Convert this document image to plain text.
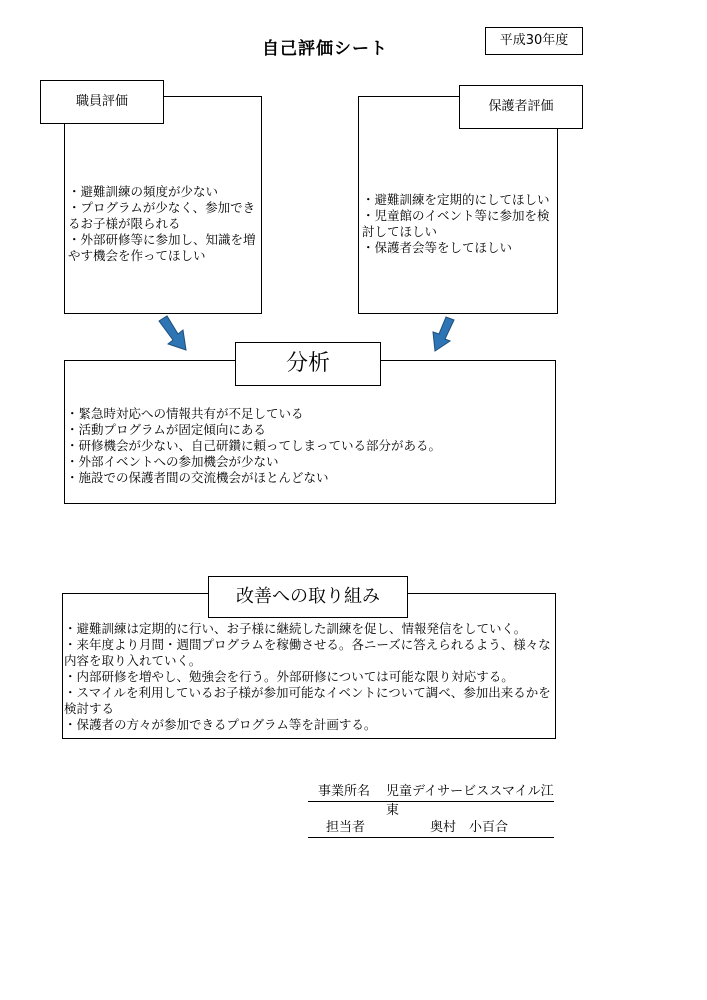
自己評価シート	平成30年度
職員評価
・避難訓練の頻度が少ない
・プログラムが少なく、参加できるお子様が限られる
・外部研修等に参加し、知識を増やす機会を作ってほしい
保護者評価
・避難訓練を定期的にしてほしい
・児童館のイベント等に参加を検討してほしい
・保護者会等をしてほしい
分析
・緊急時対応への情報共有が不足している
・活動プログラムが固定傾向にある
・研修機会が少ない、自己研鑽に頼ってしまっている部分がある。
・外部イベントへの参加機会が少ない
・施設での保護者間の交流機会がほとんどない
改善への取り組み
・避難訓練は定期的に行い、お子様に継続した訓練を促し、情報発信をしていく。
・来年度より月間・週間プログラムを稼働させる。各ニーズに答えられるよう、様々な内容を取り入れていく。
・内部研修を増やし、勉強会を行う。外部研修については可能な限り対応する。
・スマイルを利用しているお子様が参加可能なイベントについて調べ、参加出来るかを検討する
・保護者の方々が参加できるプログラム等を計画する。
事業所名 児童デイサービススマイル江東
担当者	奥村　小百合
